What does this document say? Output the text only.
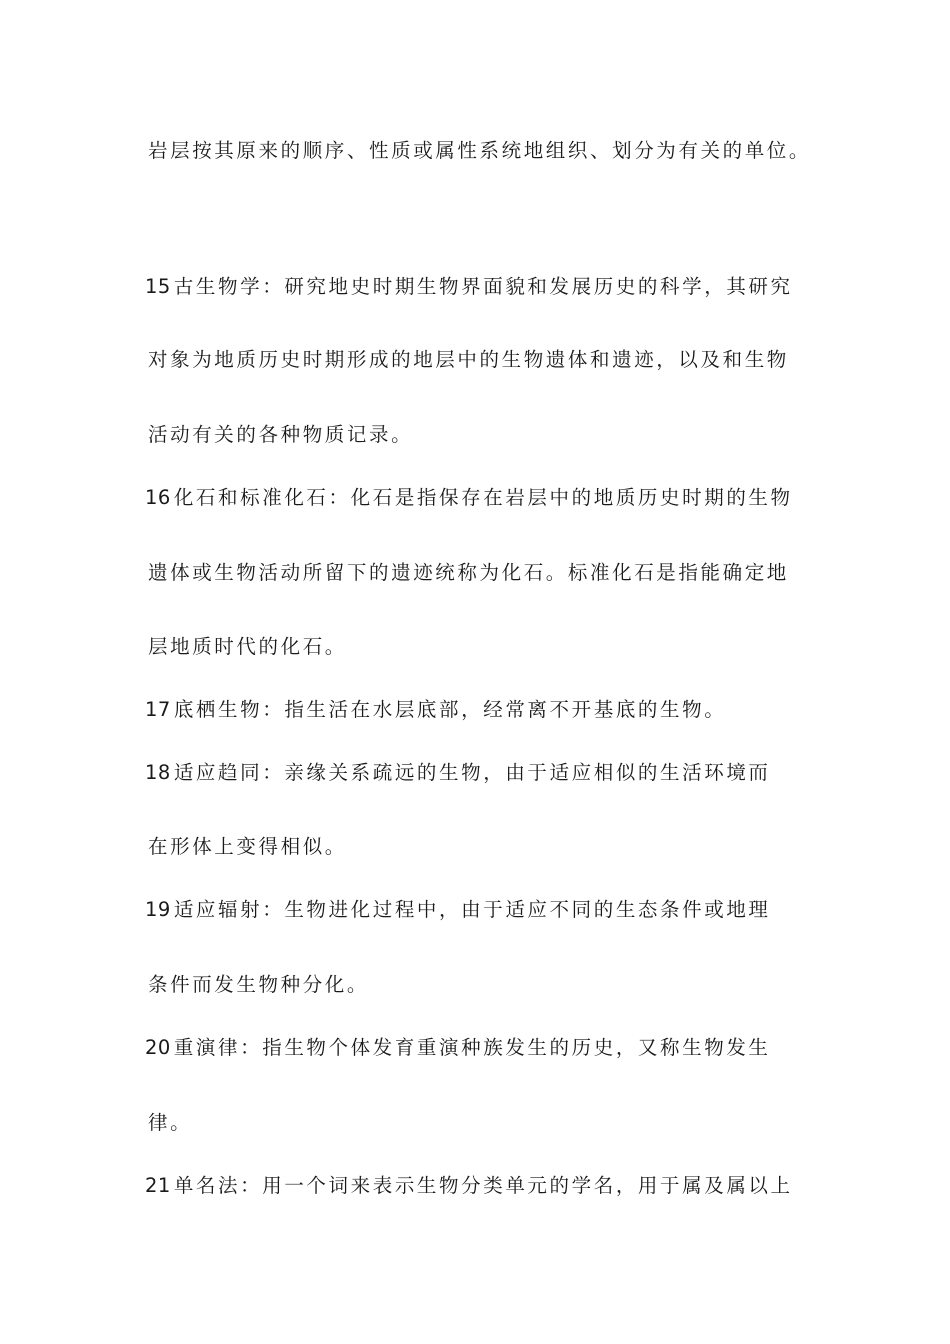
岩层按其原来的顺序、性质或属性系统地组织、划分为有关的单位。
15 古生物学：研究地史时期生物界面貌和发展历史的科学，其研究
对象为地质历史时期形成的地层中的生物遗体和遗迹，以及和生物
活动有关的各种物质记录。
16 化石和标准化石：化石是指保存在岩层中的地质历史时期的生物
遗体或生物活动所留下的遗迹统称为化石。标准化石是指能确定地
层地质时代的化石。
17 底栖生物：指生活在水层底部，经常离不开基底的生物。
18 适应趋同：亲缘关系疏远的生物，由于适应相似的生活环境而
在形体上变得相似。
19 适应辐射：生物进化过程中，由于适应不同的生态条件或地理
条件而发生物种分化。
20 重演律：指生物个体发育重演种族发生的历史，又称生物发生
律。
21 单名法：用一个词来表示生物分类单元的学名，用于属及属以上
